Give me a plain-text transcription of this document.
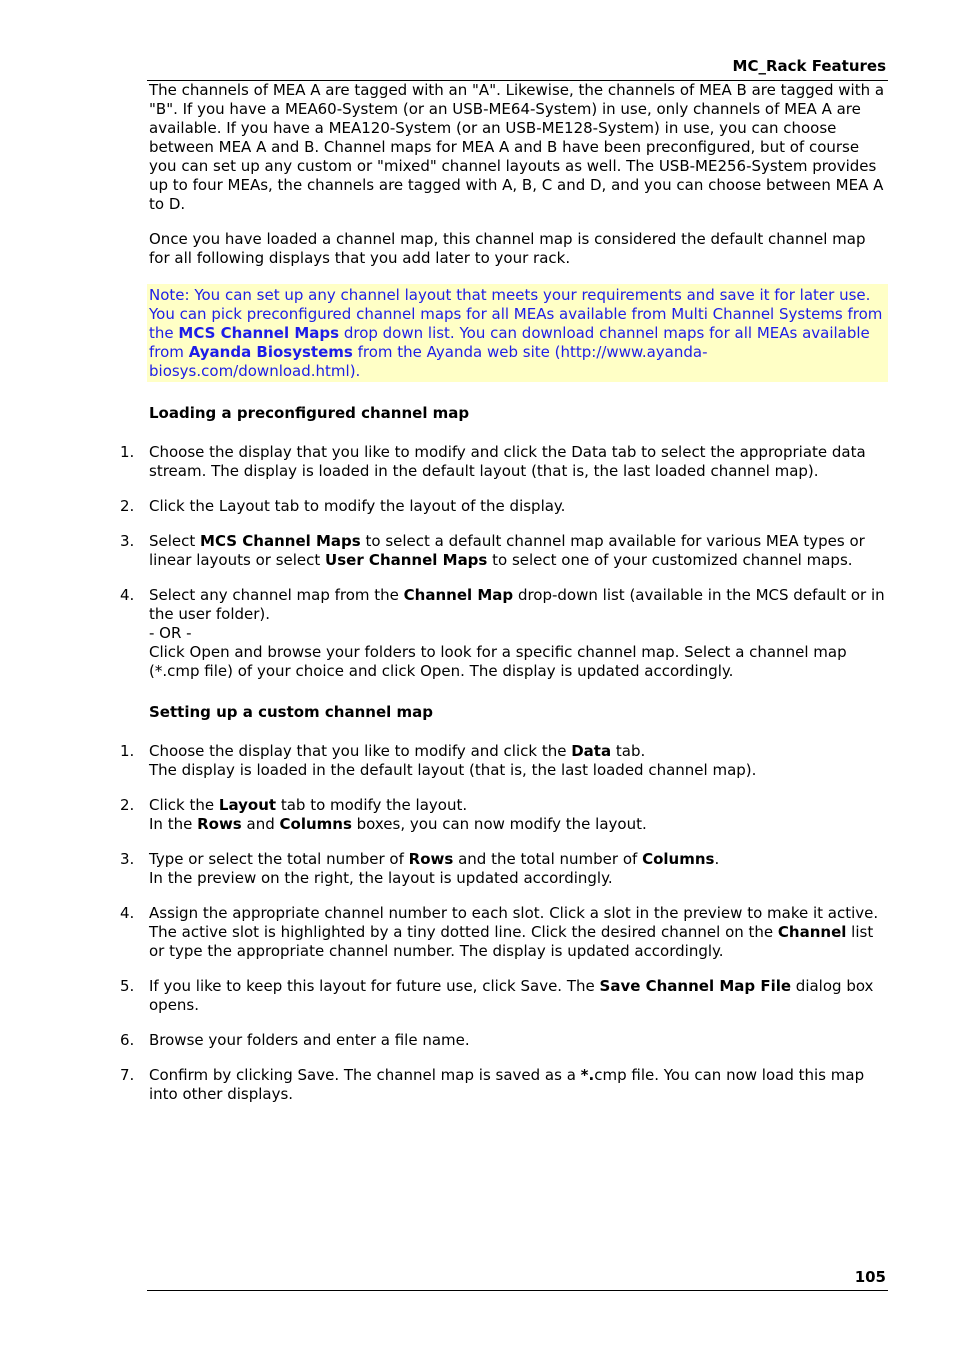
MC_Rack Features

The channels of MEA A are tagged with an "A". Likewise, the channels of MEA B are tagged with a "B". If you have a MEA60-System (or an USB-ME64-System) in use, only channels of MEA A are available. If you have a MEA120-System (or an USB-ME128-System) in use, you can choose between MEA A and B. Channel maps for MEA A and B have been preconfigured, but of course you can set up any custom or "mixed" channel layouts as well. The USB-ME256-System provides up to four MEAs, the channels are tagged with A, B, C and D, and you can choose between MEA A to D.

Once you have loaded a channel map, this channel map is considered the default channel map for all following displays that you add later to your rack.

Note: You can set up any channel layout that meets your requirements and save it for later use. You can pick preconfigured channel maps for all MEAs available from Multi Channel Systems from the MCS Channel Maps drop down list. You can download channel maps for all MEAs available from Ayanda Biosystems from the Ayanda web site (http://www.ayanda-biosys.com/download.html).

Loading a preconfigured channel map
1. Choose the display that you like to modify and click the Data tab to select the appropriate data stream. The display is loaded in the default layout (that is, the last loaded channel map).
2. Click the Layout tab to modify the layout of the display.
3. Select MCS Channel Maps to select a default channel map available for various MEA types or linear layouts or select User Channel Maps to select one of your customized channel maps.
4. Select any channel map from the Channel Map drop-down list (available in the MCS default or in the user folder).
- OR -
Click Open and browse your folders to look for a specific channel map. Select a channel map (*.cmp file) of your choice and click Open. The display is updated accordingly.
Setting up a custom channel map
1. Choose the display that you like to modify and click the Data tab.
The display is loaded in the default layout (that is, the last loaded channel map).
2. Click the Layout tab to modify the layout.
In the Rows and Columns boxes, you can now modify the layout.
3. Type or select the total number of Rows and the total number of Columns.
In the preview on the right, the layout is updated accordingly.
4. Assign the appropriate channel number to each slot. Click a slot in the preview to make it active. The active slot is highlighted by a tiny dotted line. Click the desired channel on the Channel list or type the appropriate channel number. The display is updated accordingly.
5. If you like to keep this layout for future use, click Save. The Save Channel Map File dialog box opens.
6. Browse your folders and enter a file name.
7. Confirm by clicking Save. The channel map is saved as a *.cmp file. You can now load this map into other displays.
105
